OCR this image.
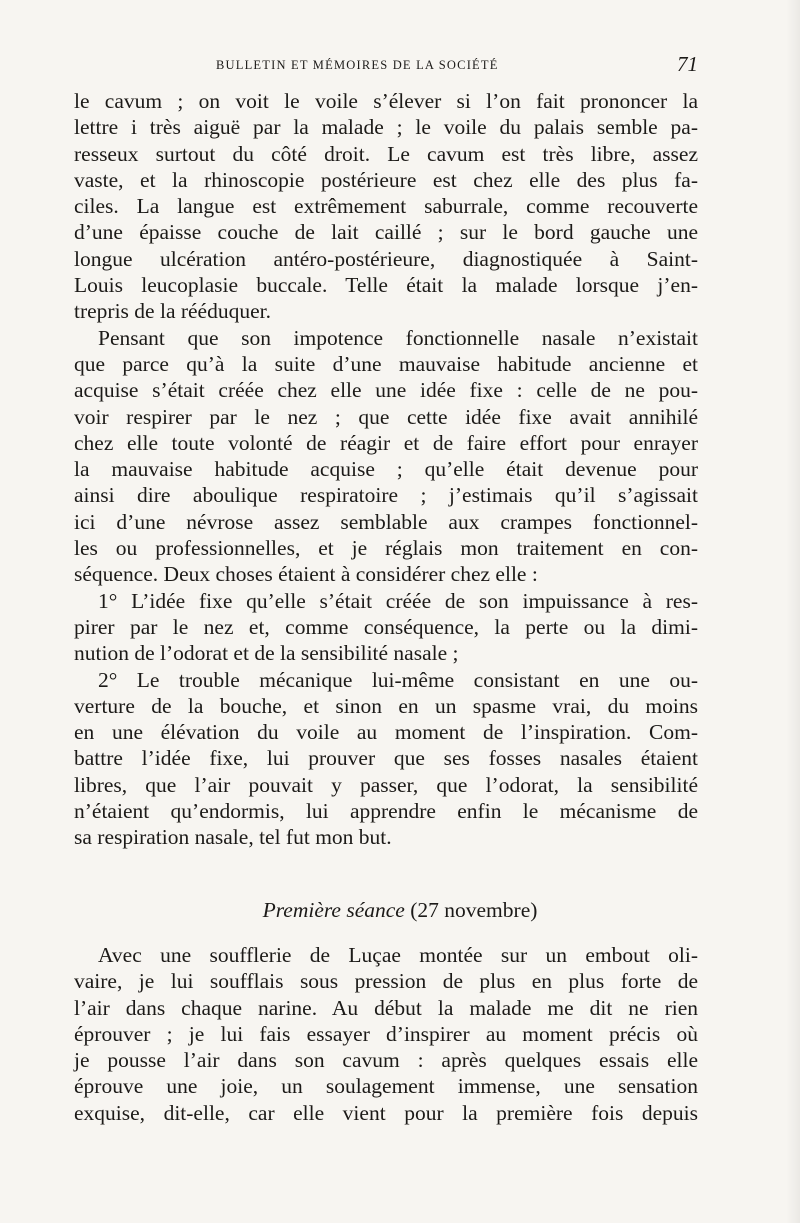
BULLETIN ET MÉMOIRES DE LA SOCIÉTÉ	71
le cavum ; on voit le voile s’élever si l’on fait prononcer la
lettre i très aiguë par la malade ; le voile du palais semble pa-
resseux surtout du côté droit. Le cavum est très libre, assez
vaste, et la rhinoscopie postérieure est chez elle des plus fa-
ciles. La langue est extrêmement saburrale, comme recouverte
d’une épaisse couche de lait caillé ; sur le bord gauche une
longue ulcération antéro-postérieure, diagnostiquée à Saint-
Louis leucoplasie buccale. Telle était la malade lorsque j’en-
trepris de la rééduquer.
Pensant que son impotence fonctionnelle nasale n’existait
que parce qu’à la suite d’une mauvaise habitude ancienne et
acquise s’était créée chez elle une idée fixe : celle de ne pou-
voir respirer par le nez ; que cette idée fixe avait annihilé
chez elle toute volonté de réagir et de faire effort pour enrayer
la mauvaise habitude acquise ; qu’elle était devenue pour
ainsi dire aboulique respiratoire ; j’estimais qu’il s’agissait
ici d’une névrose assez semblable aux crampes fonctionnel-
les ou professionnelles, et je réglais mon traitement en con-
séquence. Deux choses étaient à considérer chez elle :
1° L’idée fixe qu’elle s’était créée de son impuissance à res-
pirer par le nez et, comme conséquence, la perte ou la dimi-
nution de l’odorat et de la sensibilité nasale ;
2° Le trouble mécanique lui-même consistant en une ou-
verture de la bouche, et sinon en un spasme vrai, du moins
en une élévation du voile au moment de l’inspiration. Com-
battre l’idée fixe, lui prouver que ses fosses nasales étaient
libres, que l’air pouvait y passer, que l’odorat, la sensibilité
n’étaient qu’endormis, lui apprendre enfin le mécanisme de
sa respiration nasale, tel fut mon but.
Première séance (27 novembre)
Avec une soufflerie de Luçae montée sur un embout oli-
vaire, je lui soufflais sous pression de plus en plus forte de
l’air dans chaque narine. Au début la malade me dit ne rien
éprouver ; je lui fais essayer d’inspirer au moment précis où
je pousse l’air dans son cavum : après quelques essais elle
éprouve une joie, un soulagement immense, une sensation
exquise, dit-elle, car elle vient pour la première fois depuis
